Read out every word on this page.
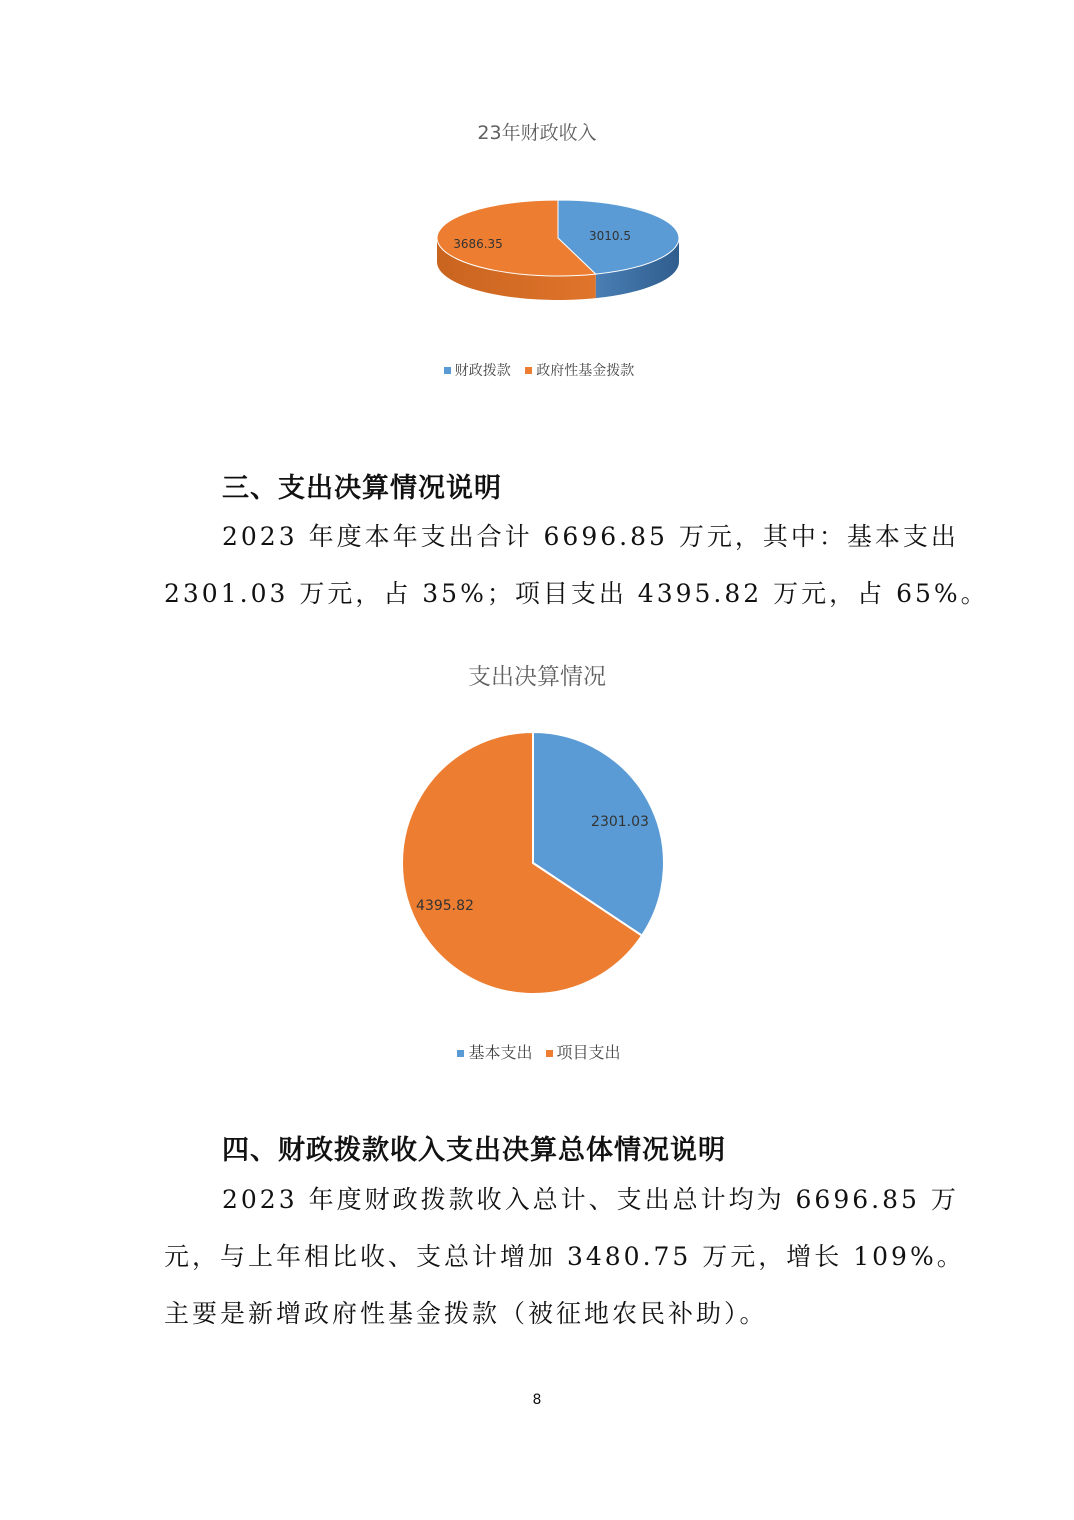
23年财政收入
3010.5
3686.35
财政拨款 政府性基金拨款
三、支出决算情况说明
2023 年度本年支出合计 6696.85 万元，其中：基本支出
2301.03 万元，占 35%；项目支出 4395.82 万元，占 65%。
支出决算情况
2301.03
4395.82
基本支出 项目支出
四、财政拨款收入支出决算总体情况说明
2023 年度财政拨款收入总计、支出总计均为 6696.85 万
元，与上年相比收、支总计增加 3480.75 万元，增长 109%。
主要是新增政府性基金拨款（被征地农民补助）。
8
